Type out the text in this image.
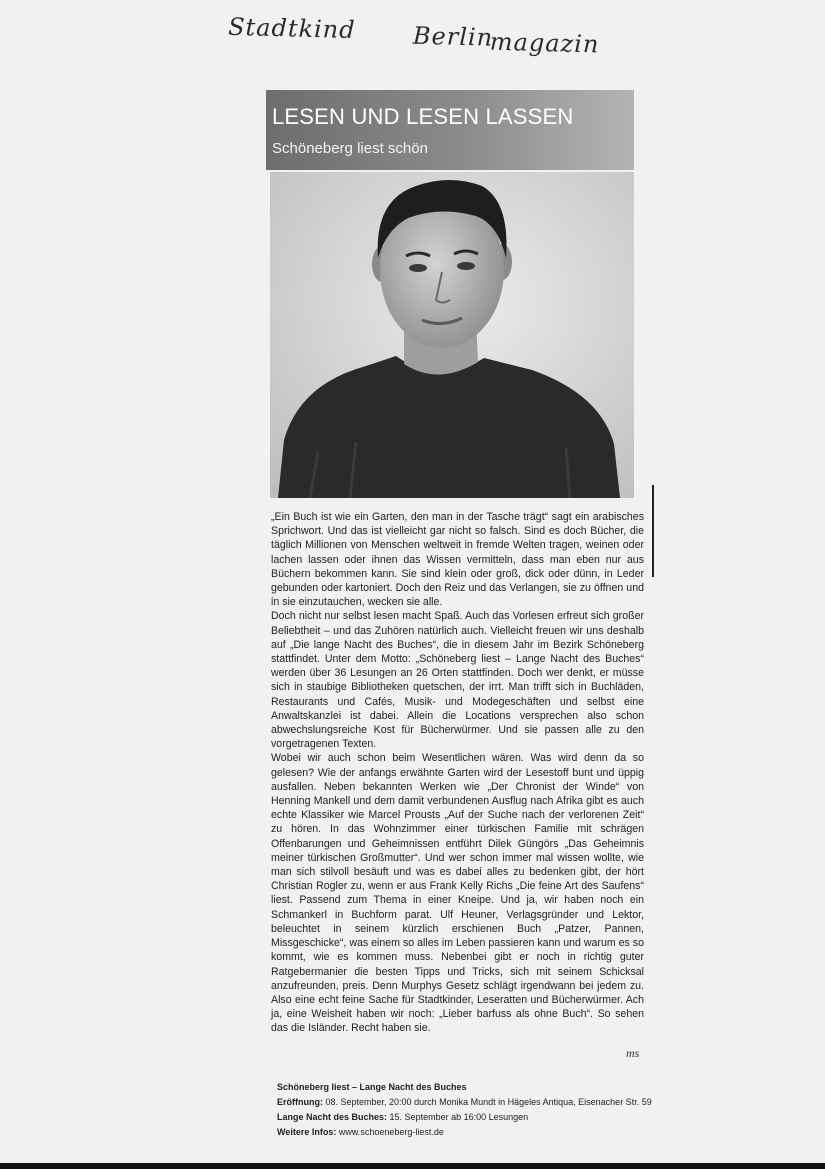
Stadtkind Berlin
magazin
LESEN UND LESEN LASSEN
Schöneberg liest schön

„Ein Buch ist wie ein Garten, den man in der Tasche trägt“ sagt ein arabisches Sprichwort. Und das ist vielleicht gar nicht so falsch. Sind es doch Bücher, die täglich Millionen von Menschen weltweit in fremde Welten tragen, weinen oder lachen lassen oder ihnen das Wissen vermitteln, dass man eben nur aus Büchern bekommen kann. Sie sind klein oder groß, dick oder dünn, in Leder gebunden oder kartoniert. Doch den Reiz und das Verlangen, sie zu öffnen und in sie einzutauchen, wecken sie alle.

Doch nicht nur selbst lesen macht Spaß. Auch das Vorlesen erfreut sich großer Beliebtheit – und das Zuhören natürlich auch. Vielleicht freuen wir uns deshalb auf „Die lange Nacht des Buches“, die in diesem Jahr im Bezirk Schöneberg stattfindet. Unter dem Motto: „Schöneberg liest – Lange Nacht des Buches“ werden über 36 Lesungen an 26 Orten stattfinden. Doch wer denkt, er müsse sich in staubige Bibliotheken quetschen, der irrt. Man trifft sich in Buchläden, Restaurants und Cafés, Musik- und Modegeschäften und selbst eine Anwaltskanzlei ist dabei. Allein die Locations versprechen also schon abwechslungsreiche Kost für Bücherwürmer. Und sie passen alle zu den vorgetragenen Texten.

Wobei wir auch schon beim Wesentlichen wären. Was wird denn da so gelesen? Wie der anfangs erwähnte Garten wird der Lesestoff bunt und üppig ausfallen. Neben bekannten Werken wie „Der Chronist der Winde“ von Henning Mankell und dem damit verbundenen Ausflug nach Afrika gibt es auch echte Klassiker wie Marcel Prousts „Auf der Suche nach der verlorenen Zeit“ zu hören. In das Wohnzimmer einer türkischen Familie mit schrägen Offenbarungen und Geheimnissen entführt Dilek Güngörs „Das Geheimnis meiner türkischen Großmutter“. Und wer schon immer mal wissen wollte, wie man sich stilvoll besäuft und was es dabei alles zu bedenken gibt, der hört Christian Rogler zu, wenn er aus Frank Kelly Richs „Die feine Art des Saufens“ liest. Passend zum Thema in einer Kneipe. Und ja, wir haben noch ein Schmankerl in Buchform parat. Ulf Heuner, Verlagsgründer und Lektor, beleuchtet in seinem kürzlich erschienen Buch „Patzer, Pannen, Missgeschicke“, was einem so alles im Leben passieren kann und warum es so kommt, wie es kommen muss. Nebenbei gibt er noch in richtig guter Ratgebermanier die besten Tipps und Tricks, sich mit seinem Schicksal anzufreunden, preis. Denn Murphys Gesetz schlägt irgendwann bei jedem zu. Also eine echt feine Sache für Stadtkinder, Leseratten und Bücherwürmer. Ach ja, eine Weisheit haben wir noch: „Lieber barfuss als ohne Buch“. So sehen das die Isländer. Recht haben sie.

ms
Schöneberg liest – Lange Nacht des Buches
Eröffnung: 08. September, 20:00 durch Monika Mundt in Hägeles Antiqua, Eisenacher Str. 59
Lange Nacht des Buches: 15. September ab 16:00 Lesungen
Weitere Infos: www.schoeneberg-liest.de
